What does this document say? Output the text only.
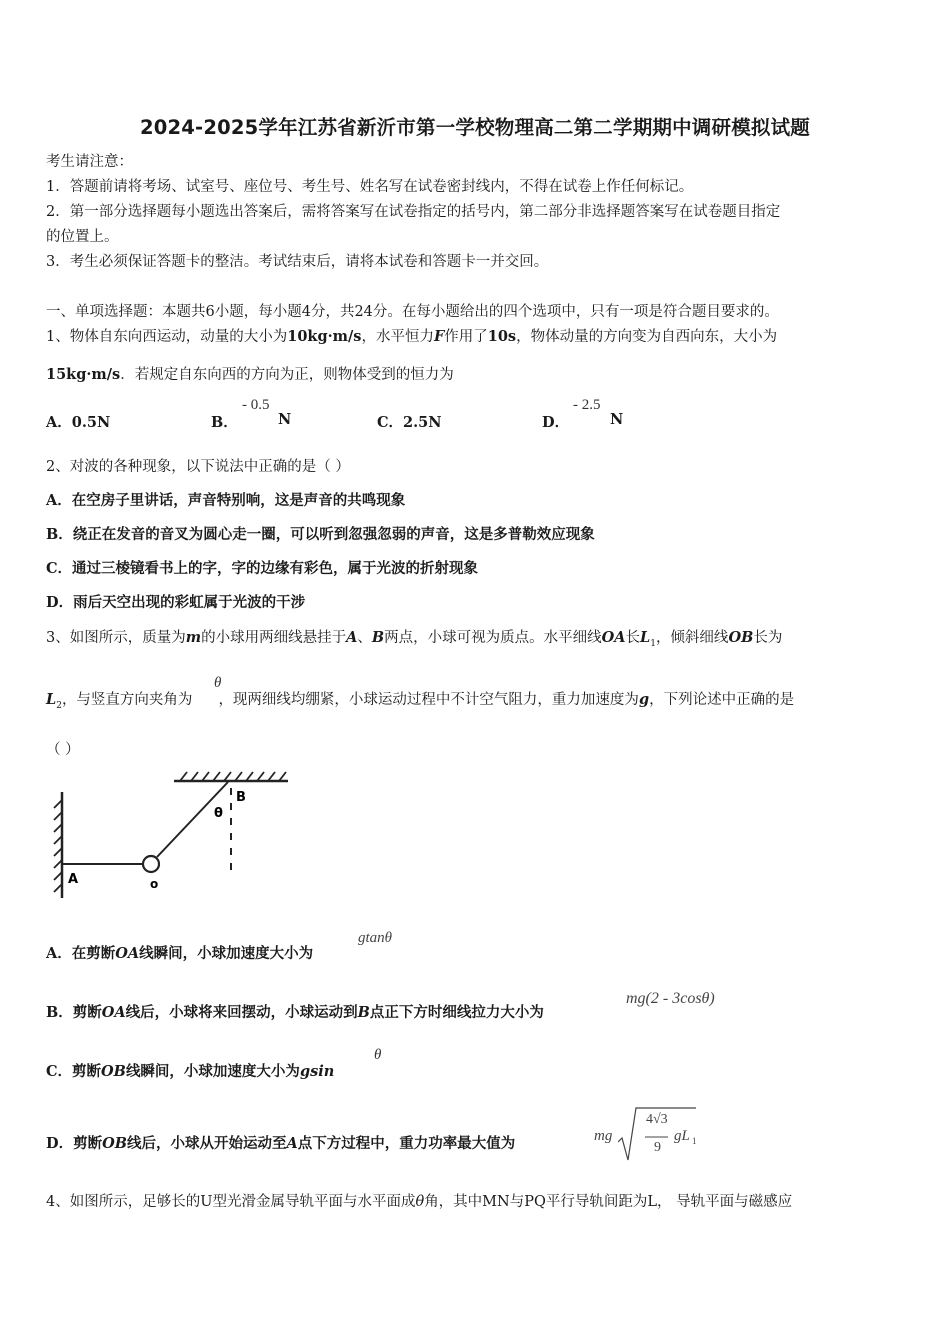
2024-2025学年江苏省新沂市第一学校物理高二第二学期期中调研模拟试题
考生请注意：
1．答题前请将考场、试室号、座位号、考生号、姓名写在试卷密封线内，不得在试卷上作任何标记。
2．第一部分选择题每小题选出答案后，需将答案写在试卷指定的括号内，第二部分非选择题答案写在试卷题目指定
的位置上。
3．考生必须保证答题卡的整洁。考试结束后，请将本试卷和答题卡一并交回。
一、单项选择题：本题共6小题，每小题4分，共24分。在每小题给出的四个选项中，只有一项是符合题目要求的。
1、物体自东向西运动，动量的大小为10kg·m/s，水平恒力F作用了10s，物体动量的方向变为自西向东，大小为
15kg·m/s．若规定自东向西的方向为正，则物体受到的恒力为
A．0.5N	B．
- 0.5
N	C．2.5N	D．
- 2.5
N
2、对波的各种现象，以下说法中正确的是（ ）
A．在空房子里讲话，声音特别响，这是声音的共鸣现象
B．绕正在发音的音叉为圆心走一圈，可以听到忽强忽弱的声音，这是多普勒效应现象
C．通过三棱镜看书上的字，字的边缘有彩色，属于光波的折射现象
D．雨后天空出现的彩虹属于光波的干涉
3、如图所示，质量为m的小球用两细线悬挂于A、B两点，小球可视为质点。水平细线OA长$L_1$，倾斜细线OB长为
$L_2$，与竖直方向夹角为 ，现两细线均绷紧，小球运动过程中不计空气阻力，重力加速度为g，下列论述中正确的是
θ
（ ）
A	o
B
θ
A．在剪断OA线瞬间，小球加速度大小为
gtanθ
B．剪断OA线后，小球将来回摆动，小球运动到B点正下方时细线拉力大小为
mg(2 - 3cosθ)
C．剪断OB线瞬间，小球加速度大小为gsin
θ
D．剪断OB线后，小球从开始运动至A点下方过程中，重力功率最大值为	mg
4√3
9
gL 1
4、如图所示，足够长的U型光滑金属导轨平面与水平面成θ角，其中MN与PQ平行导轨间距为L， 导轨平面与磁感应
